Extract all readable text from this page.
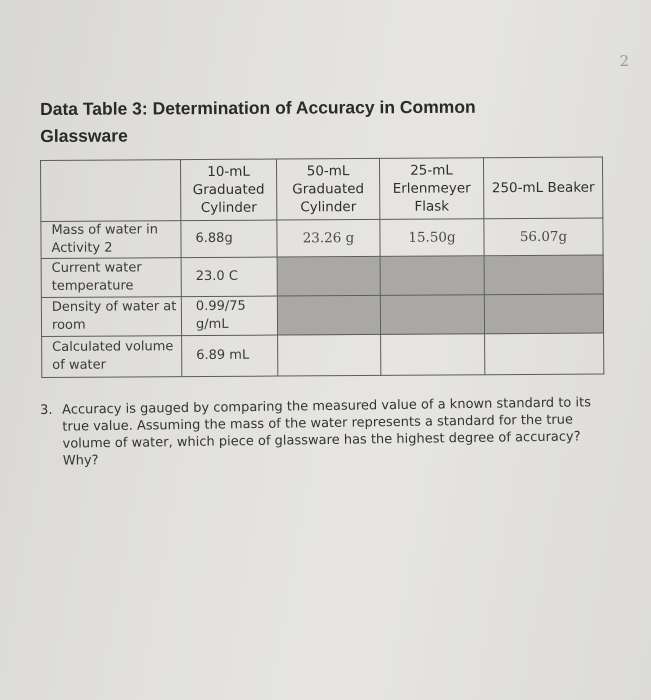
2
Data Table 3: Determination of Accuracy in Common Glassware
	10-mL Graduated Cylinder	50-mL Graduated Cylinder	25-mL Erlenmeyer Flask	250-mL Beaker
Mass of water in Activity 2	6.88g	23.26 g	15.50g	56.07g
Current water temperature	23.0 C			
Density of water at room	0.99/75 g/mL			
Calculated volume of water	6.89 mL			
3. Accuracy is gauged by comparing the measured value of a known standard to its true value. Assuming the mass of the water represents a standard for the true volume of water, which piece of glassware has the highest degree of accuracy? Why?
